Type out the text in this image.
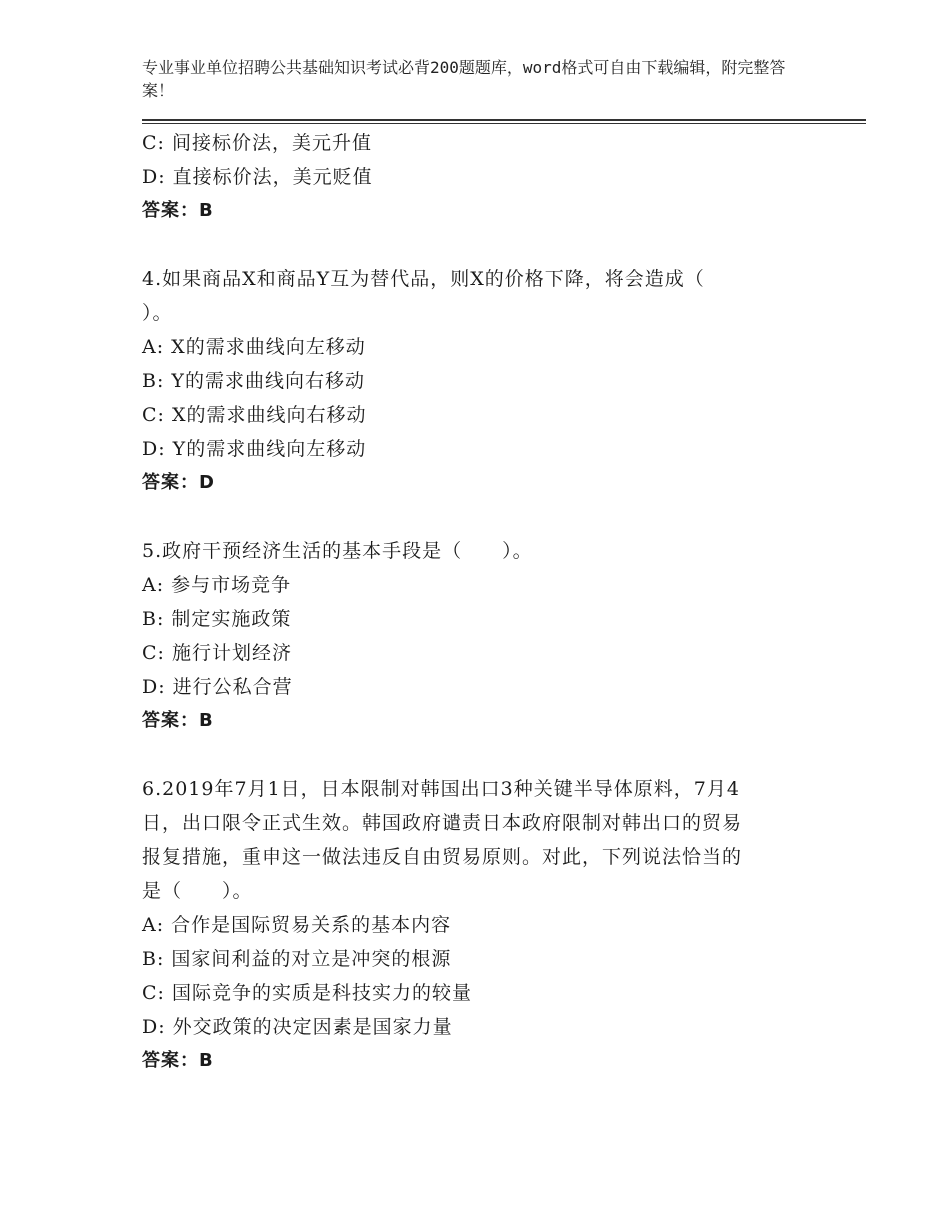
专业事业单位招聘公共基础知识考试必背200题题库，word格式可自由下载编辑，附完整答案！
C: 间接标价法，美元升值
D: 直接标价法，美元贬值
答案：B
4.如果商品X和商品Y互为替代品，则X的价格下降，将会造成（
）。
A: X的需求曲线向左移动
B: Y的需求曲线向右移动
C: X的需求曲线向右移动
D: Y的需求曲线向左移动
答案：D
5.政府干预经济生活的基本手段是（　　）。
A: 参与市场竞争
B: 制定实施政策
C: 施行计划经济
D: 进行公私合营
答案：B
6.2019年7月1日，日本限制对韩国出口3种关键半导体原料，7月4
日，出口限令正式生效。韩国政府谴责日本政府限制对韩出口的贸易
报复措施，重申这一做法违反自由贸易原则。对此，下列说法恰当的
是（　　）。
A: 合作是国际贸易关系的基本内容
B: 国家间利益的对立是冲突的根源
C: 国际竞争的实质是科技实力的较量
D: 外交政策的决定因素是国家力量
答案：B
